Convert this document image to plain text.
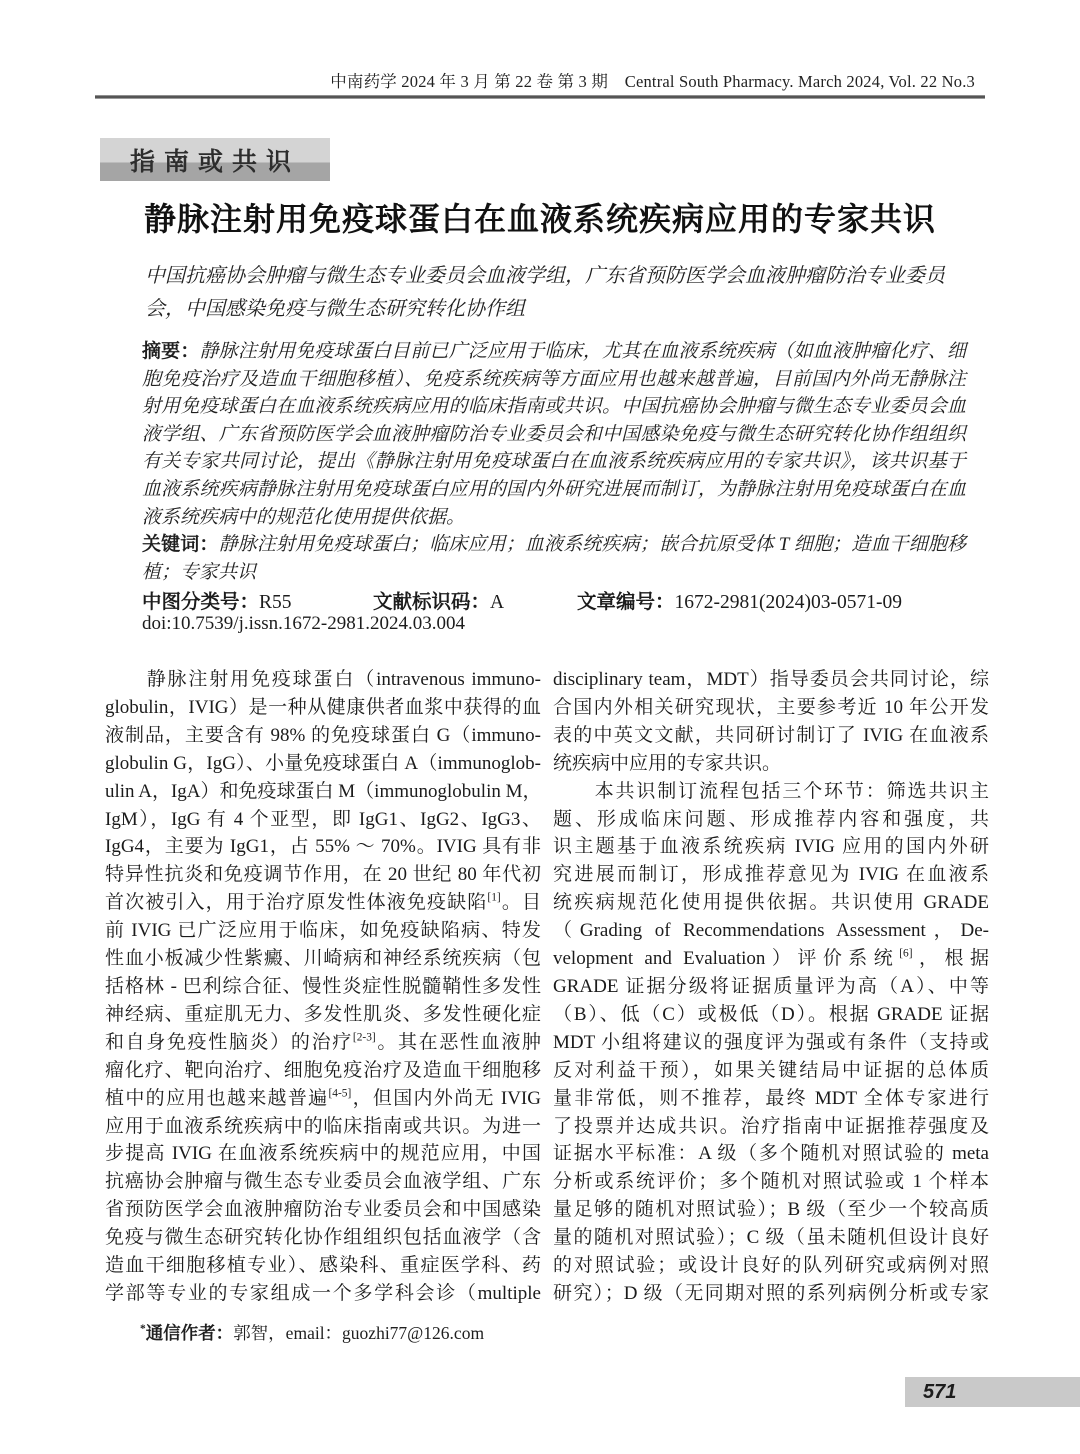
中南药学 2024 年 3 月 第 22 卷 第 3 期　Central South Pharmacy. March 2024, Vol. 22 No.3
指南或共识
静脉注射用免疫球蛋白在血液系统疾病应用的专家共识
中国抗癌协会肿瘤与微生态专业委员会血液学组，广东省预防医学会血液肿瘤防治专业委员会，中国感染免疫与微生态研究转化协作组

摘要：静脉注射用免疫球蛋白目前已广泛应用于临床，尤其在血液系统疾病（如血液肿瘤化疗、细胞免疫治疗及造血干细胞移植）、免疫系统疾病等方面应用也越来越普遍，目前国内外尚无静脉注射用免疫球蛋白在血液系统疾病应用的临床指南或共识。中国抗癌协会肿瘤与微生态专业委员会血液学组、广东省预防医学会血液肿瘤防治专业委员会和中国感染免疫与微生态研究转化协作组组织有关专家共同讨论，提出《静脉注射用免疫球蛋白在血液系统疾病应用的专家共识》，该共识基于血液系统疾病静脉注射用免疫球蛋白应用的国内外研究进展而制订，为静脉注射用免疫球蛋白在血液系统疾病中的规范化使用提供依据。

关键词：静脉注射用免疫球蛋白；临床应用；血液系统疾病；嵌合抗原受体 T 细胞；造血干细胞移植；专家共识

中图分类号：R55	文献标识码：A	文章编号：1672-2981(2024)03-0571-09
doi:10.7539/j.issn.1672-2981.2024.03.004
　　静脉注射用免疫球蛋白（intravenous immuno-
globulin，IVIG）是一种从健康供者血浆中获得的血
液制品，主要含有 98% 的免疫球蛋白 G（immuno-
globulin G，IgG）、小量免疫球蛋白 A（immunoglob-
ulin A，IgA）和免疫球蛋白 M（immunoglobulin M，
IgM），IgG 有 4 个亚型，即 IgG1、IgG2、IgG3、
IgG4，主要为 IgG1，占 55% ～ 70%。IVIG 具有非
特异性抗炎和免疫调节作用，在 20 世纪 80 年代初
首次被引入，用于治疗原发性体液免疫缺陷[1]。目
前 IVIG 已广泛应用于临床，如免疫缺陷病、特发
性血小板减少性紫癜、川崎病和神经系统疾病（包
括格林 - 巴利综合征、慢性炎症性脱髓鞘性多发性
神经病、重症肌无力、多发性肌炎、多发性硬化症
和自身免疫性脑炎）的治疗[2-3]。其在恶性血液肿
瘤化疗、靶向治疗、细胞免疫治疗及造血干细胞移
植中的应用也越来越普遍[4-5]，但国内外尚无 IVIG
应用于血液系统疾病中的临床指南或共识。为进一
步提高 IVIG 在血液系统疾病中的规范应用，中国
抗癌协会肿瘤与微生态专业委员会血液学组、广东
省预防医学会血液肿瘤防治专业委员会和中国感染
免疫与微生态研究转化协作组组织包括血液学（含
造血干细胞移植专业）、感染科、重症医学科、药
学部等专业的专家组成一个多学科会诊（multiple
disciplinary team，MDT）指导委员会共同讨论，综
合国内外相关研究现状，主要参考近 10 年公开发
表的中英文文献，共同研讨制订了 IVIG 在血液系
统疾病中应用的专家共识。
　　本共识制订流程包括三个环节：筛选共识主
题、形成临床问题、形成推荐内容和强度，共
识主题基于血液系统疾病 IVIG 应用的国内外研
究进展而制订，形成推荐意见为 IVIG 在血液系
统疾病规范化使用提供依据。共识使用 GRADE
（Grading of Recommendations Assessment，De-
velopment and Evaluation）评价系统[6]，根据
GRADE 证据分级将证据质量评为高（A）、中等
（B）、低（C）或极低（D）。根据 GRADE 证据
MDT 小组将建议的强度评为强或有条件（支持或
反对利益干预），如果关键结局中证据的总体质
量非常低，则不推荐，最终 MDT 全体专家进行
了投票并达成共识。治疗指南中证据推荐强度及
证据水平标准：A 级（多个随机对照试验的 meta
分析或系统评价；多个随机对照试验或 1 个样本
量足够的随机对照试验）；B 级（至少一个较高质
量的随机对照试验）；C 级（虽未随机但设计良好
的对照试验；或设计良好的队列研究或病例对照
研究）；D 级（无同期对照的系列病例分析或专家
*通信作者：郭智，email：guozhi77@126.com
571
